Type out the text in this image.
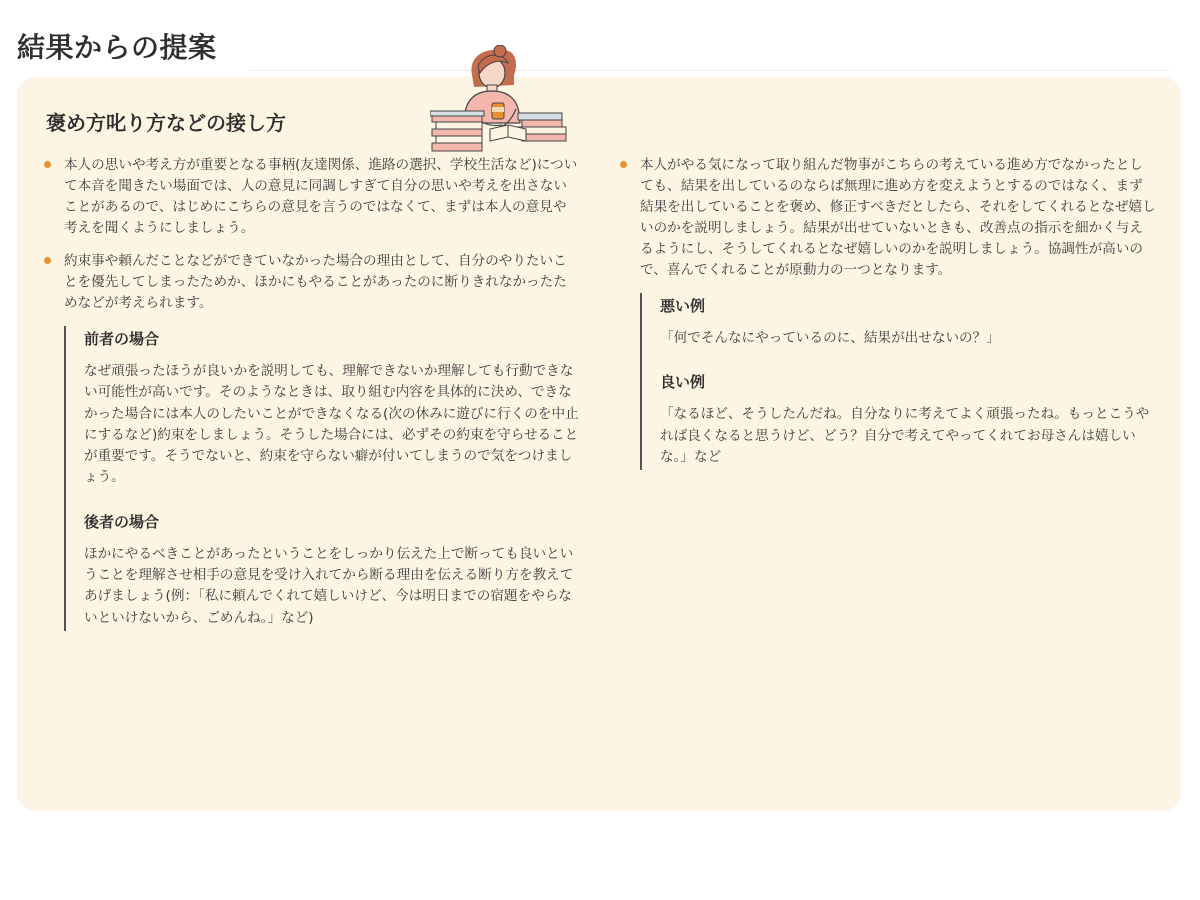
結果からの提案
褒め方叱り方などの接し方
本人の思いや考え方が重要となる事柄(友達関係、進路の選択、学校生活など)について本音を聞きたい場面では、人の意見に同調しすぎて自分の思いや考えを出さないことがあるので、はじめにこちらの意見を言うのではなくて、まずは本人の意見や考えを聞くようにしましょう。
約束事や頼んだことなどができていなかった場合の理由として、自分のやりたいことを優先してしまったためか、ほかにもやることがあったのに断りきれなかったためなどが考えられます。
前者の場合

なぜ頑張ったほうが良いかを説明しても、理解できないか理解しても行動できない可能性が高いです。そのようなときは、取り組む内容を具体的に決め、できなかった場合には本人のしたいことができなくなる(次の休みに遊びに行くのを中止にするなど)約束をしましょう。そうした場合には、必ずその約束を守らせることが重要です。そうでないと、約束を守らない癖が付いてしまうので気をつけましょう。

後者の場合

ほかにやるべきことがあったということをしっかり伝えた上で断っても良いということを理解させ相手の意見を受け入れてから断る理由を伝える断り方を教えてあげましょう(例：「私に頼んでくれて嬉しいけど、今は明日までの宿題をやらないといけないから、ごめんね。」など)

本人がやる気になって取り組んだ物事がこちらの考えている進め方でなかったとしても、結果を出しているのならば無理に進め方を変えようとするのではなく、まず結果を出していることを褒め、修正すべきだとしたら、それをしてくれるとなぜ嬉しいのかを説明しましょう。結果が出せていないときも、改善点の指示を細かく与えるようにし、そうしてくれるとなぜ嬉しいのかを説明しましょう。協調性が高いので、喜んでくれることが原動力の一つとなります。
悪い例

「何でそんなにやっているのに、結果が出せないの？」

良い例

「なるほど、そうしたんだね。自分なりに考えてよく頑張ったね。もっとこうやれば良くなると思うけど、どう？自分で考えてやってくれてお母さんは嬉しいな。」など
